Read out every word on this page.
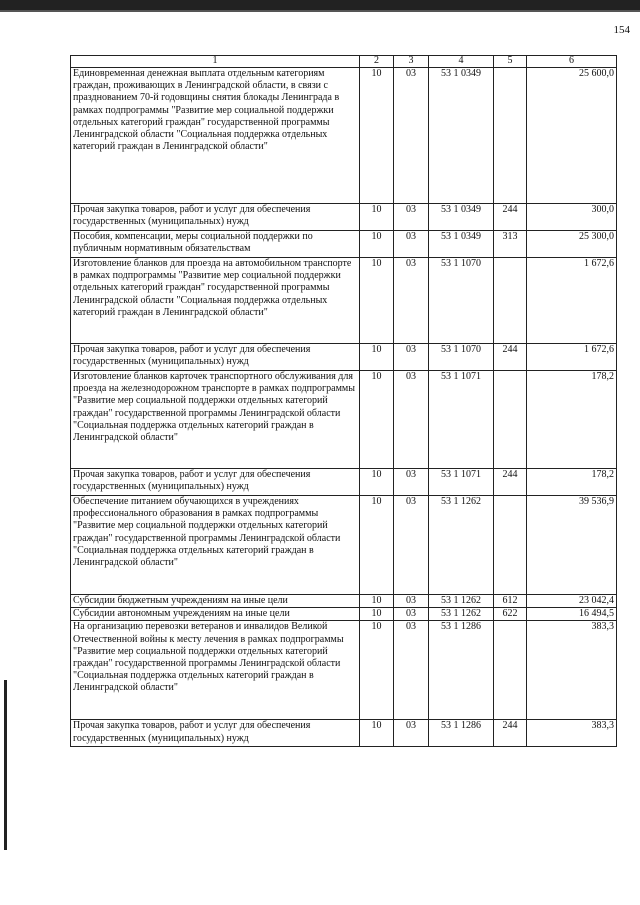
154
1	2	3	4	5	6
Единовременная денежная выплата отдельным категориям граждан, проживающих в Ленинградской области, в связи с празднованием 70-й годовщины снятия блокады Ленинграда в рамках подпрограммы "Развитие мер социальной поддержки отдельных категорий граждан" государственной программы Ленинградской области "Социальная поддержка отдельных категорий граждан в Ленинградской области"	10	03	53 1 0349		25 600,0
Прочая закупка товаров, работ и услуг для обеспечения государственных (муниципальных) нужд	10	03	53 1 0349	244	300,0
Пособия, компенсации, меры социальной поддержки по публичным нормативным обязательствам	10	03	53 1 0349	313	25 300,0
Изготовление бланков для проезда на автомобильном транспорте в рамках подпрограммы "Развитие мер социальной поддержки отдельных категорий граждан" государственной программы Ленинградской области "Социальная поддержка отдельных категорий граждан в Ленинградской области"	10	03	53 1 1070		1 672,6
Прочая закупка товаров, работ и услуг для обеспечения государственных (муниципальных) нужд	10	03	53 1 1070	244	1 672,6
Изготовление бланков карточек транспортного обслуживания для проезда на железнодорожном транспорте в рамках подпрограммы "Развитие мер социальной поддержки отдельных категорий граждан" государственной программы Ленинградской области "Социальная поддержка отдельных категорий граждан в Ленинградской области"	10	03	53 1 1071		178,2
Прочая закупка товаров, работ и услуг для обеспечения государственных (муниципальных) нужд	10	03	53 1 1071	244	178,2
Обеспечение питанием обучающихся в учреждениях профессионального образования в рамках подпрограммы "Развитие мер социальной поддержки отдельных категорий граждан" государственной программы Ленинградской области "Социальная поддержка отдельных категорий граждан в Ленинградской области"	10	03	53 1 1262		39 536,9
Субсидии бюджетным учреждениям на иные цели	10	03	53 1 1262	612	23 042,4
Субсидии автономным учреждениям на иные цели	10	03	53 1 1262	622	16 494,5
На организацию перевозки ветеранов и инвалидов Великой Отечественной войны к месту лечения в рамках подпрограммы "Развитие мер социальной поддержки отдельных категорий граждан" государственной программы Ленинградской области "Социальная поддержка отдельных категорий граждан в Ленинградской области"	10	03	53 1 1286		383,3
Прочая закупка товаров, работ и услуг для обеспечения государственных (муниципальных) нужд	10	03	53 1 1286	244	383,3
